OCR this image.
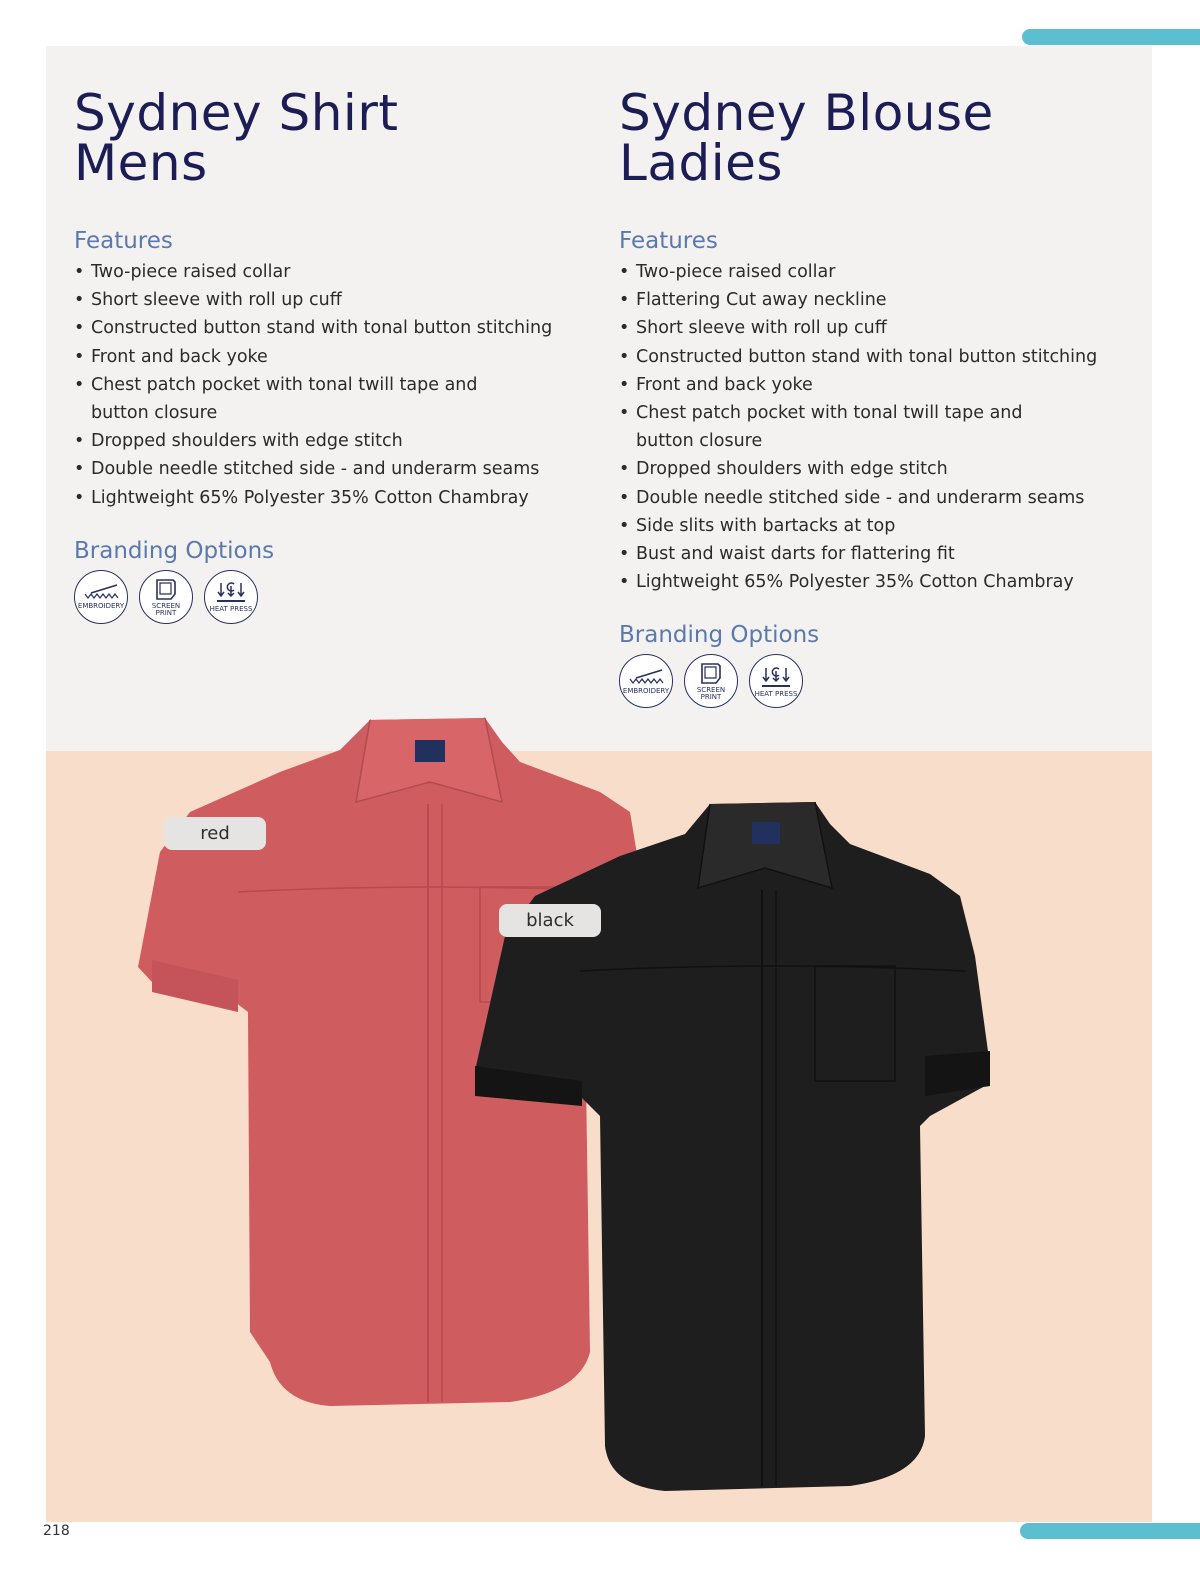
Sydney Shirt
Mens
Features
• Two-piece raised collar
• Short sleeve with roll up cuff
• Constructed button stand with tonal button stitching
• Front and back yoke
• Chest patch pocket with tonal twill tape and
button closure
• Dropped shoulders with edge stitch
• Double needle stitched side - and underarm seams
• Lightweight 65% Polyester 35% Cotton Chambray
Branding Options
EMBROIDERY	SCREEN
PRINT	HEAT PRESS
Sydney Blouse
Ladies
Features
• Two-piece raised collar
• Flattering Cut away neckline
• Short sleeve with roll up cuff
• Constructed button stand with tonal button stitching
• Front and back yoke
• Chest patch pocket with tonal twill tape and
button closure
• Dropped shoulders with edge stitch
• Double needle stitched side - and underarm seams
• Side slits with bartacks at top
• Bust and waist darts for flattering fit
• Lightweight 65% Polyester 35% Cotton Chambray
Branding Options
EMBROIDERY	SCREEN
PRINT	HEAT PRESS
red
black
218
